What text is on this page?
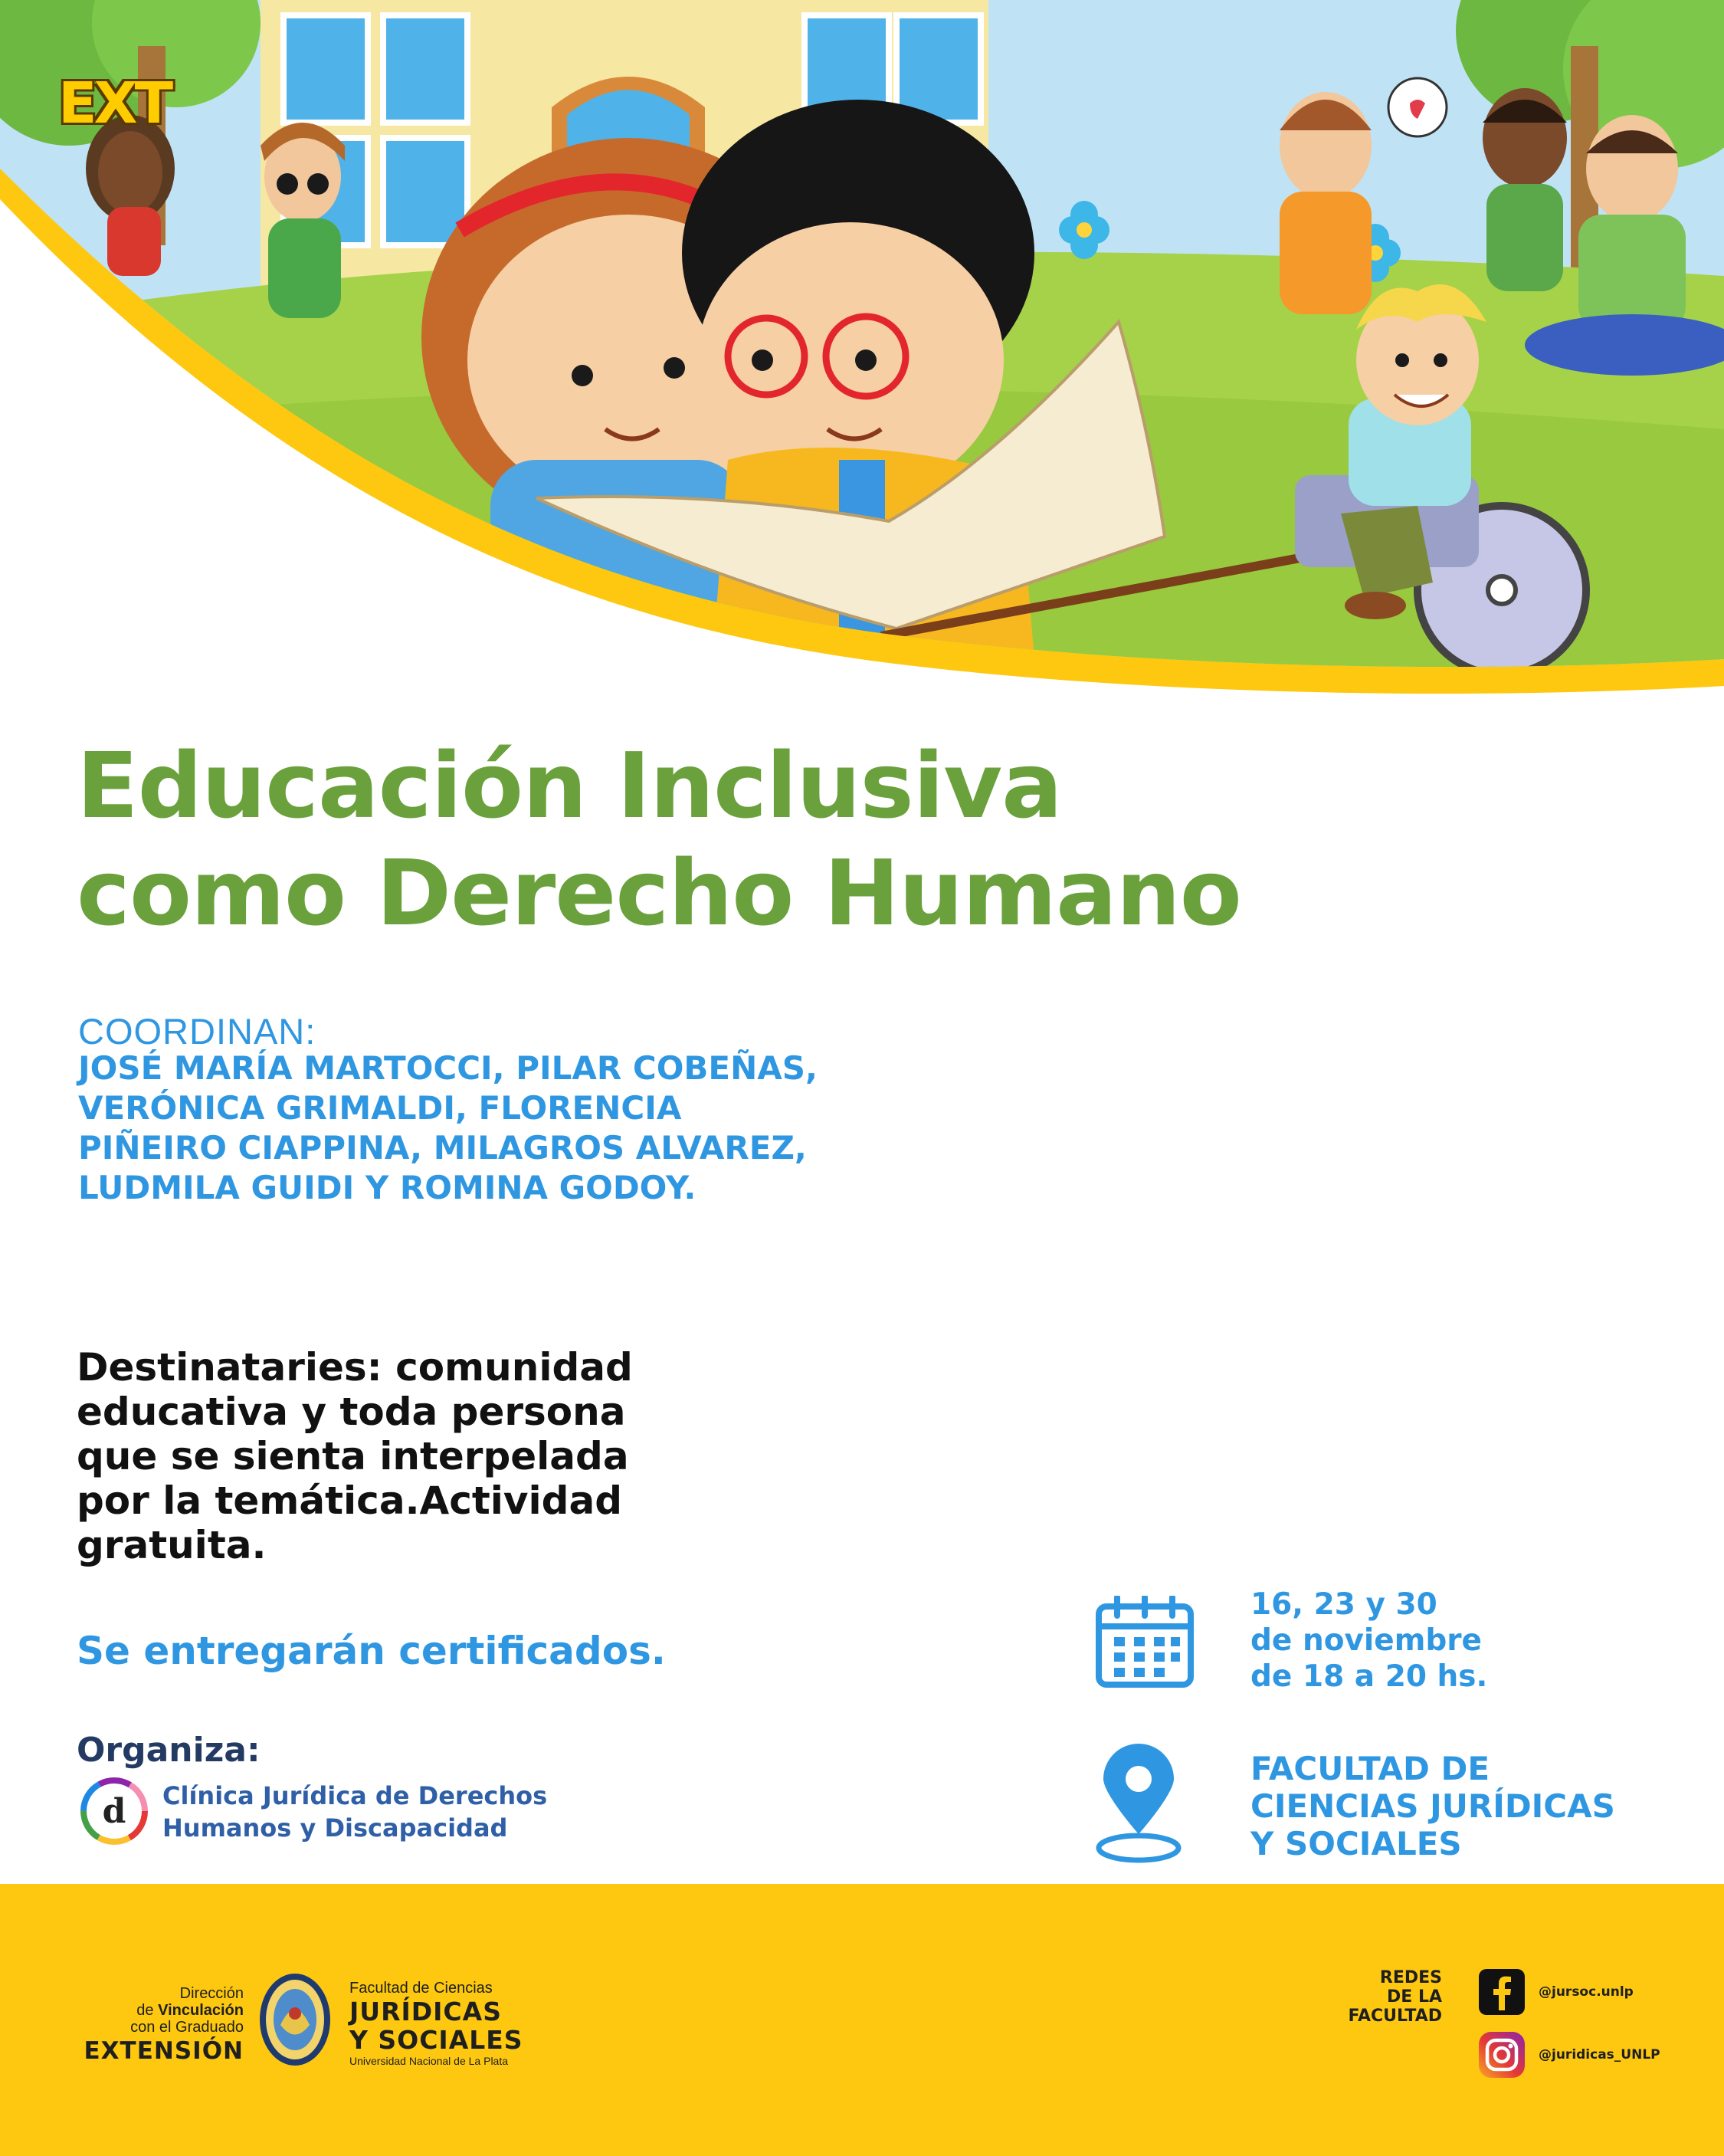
EXT
Educación Inclusiva
como Derecho Humano
COORDINAN:
JOSÉ MARÍA MARTOCCI, PILAR COBEÑAS,
VERÓNICA GRIMALDI, FLORENCIA
PIÑEIRO CIAPPINA, MILAGROS ALVAREZ,
LUDMILA GUIDI Y ROMINA GODOY.
Destinataries: comunidad
educativa y toda persona
que se sienta interpelada
por la temática.Actividad
gratuita.
Se entregarán certificados.
Organiza:
d Clínica Jurídica de Derechos
Humanos y Discapacidad
16, 23 y 30
de noviembre
de 18 a 20 hs.
FACULTAD DE
CIENCIAS JURÍDICAS
Y SOCIALES
Dirección
de Vinculación
con el Graduado
EXTENSIÓN
Facultad de Ciencias
JURÍDICAS
Y SOCIALES
Universidad Nacional de La Plata
REDES
DE LA
FACULTAD
@jursoc.unlp
@juridicas_UNLP
